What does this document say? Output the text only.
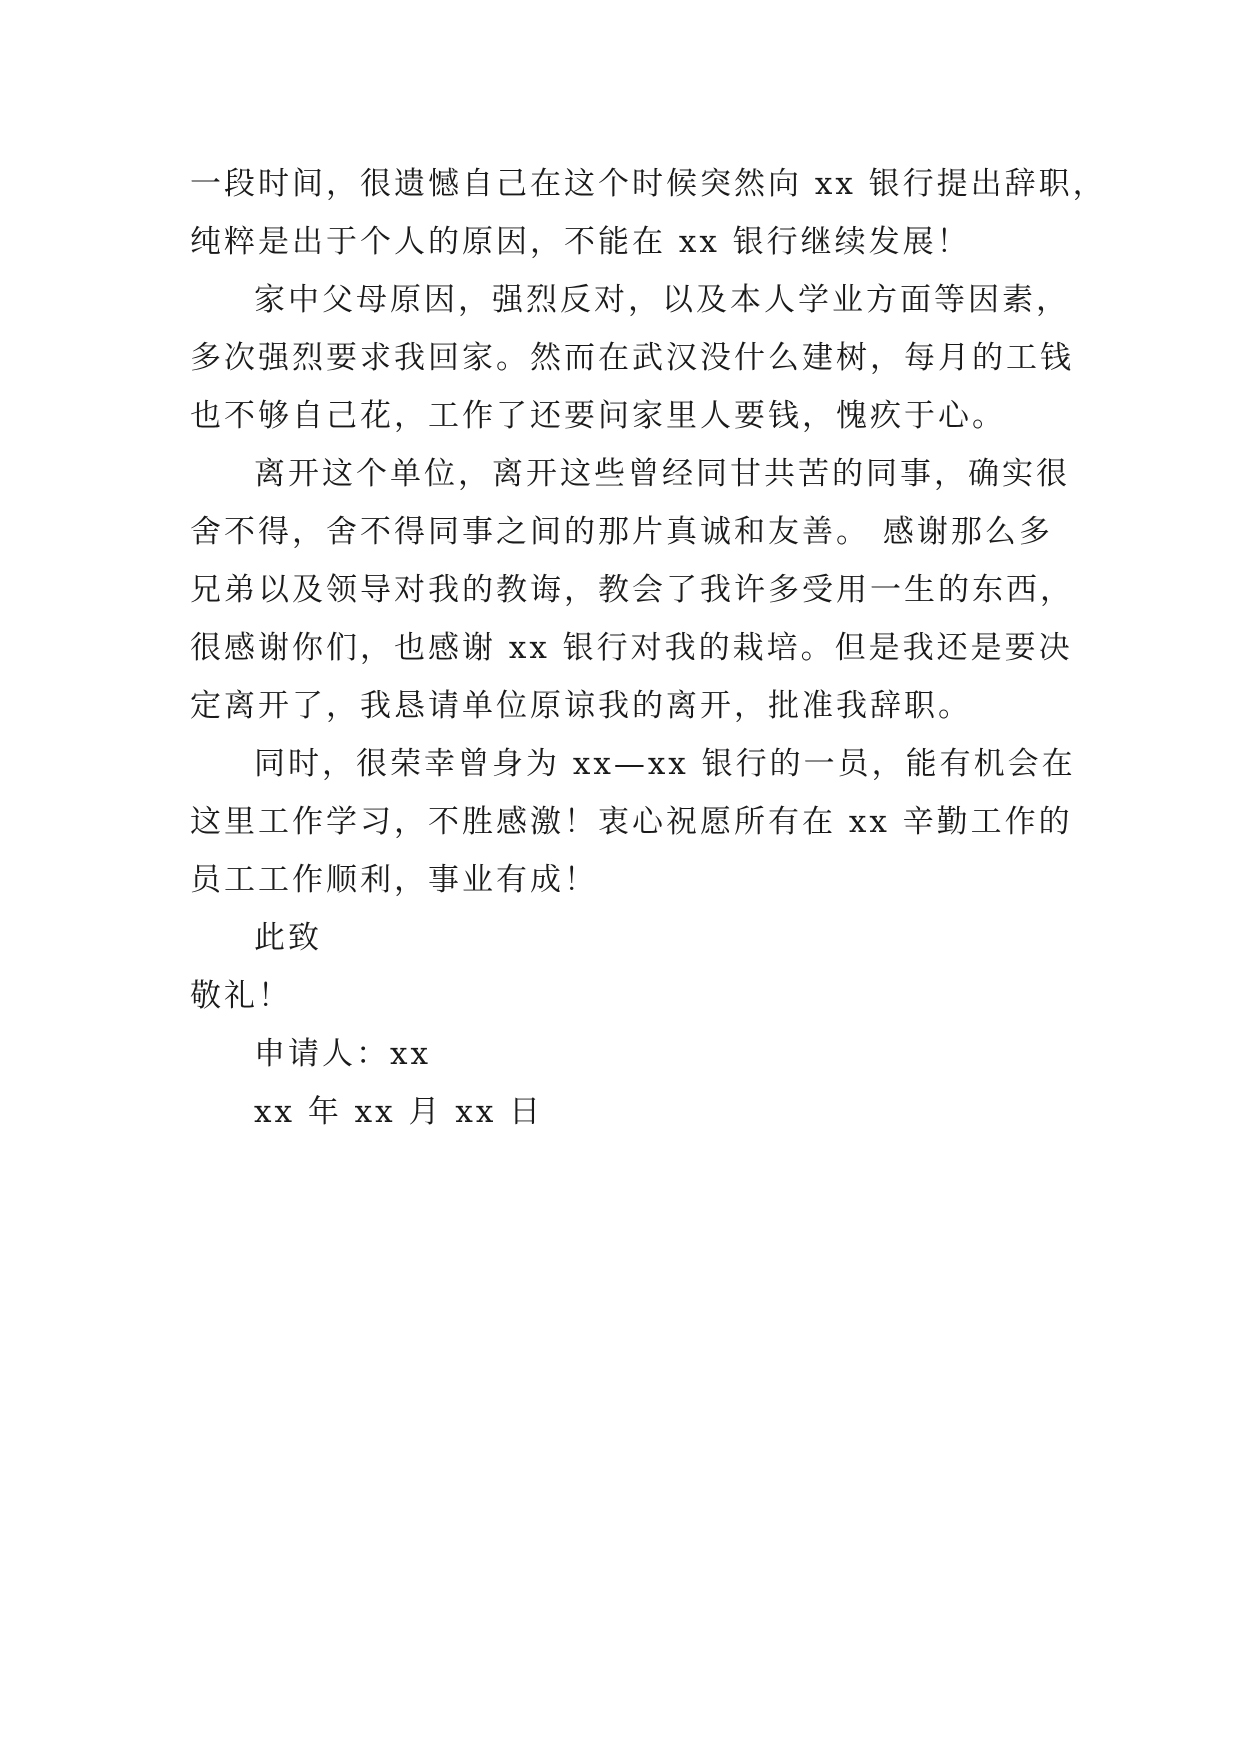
一段时间，很遗憾自己在这个时候突然向 xx 银行提出辞职，
纯粹是出于个人的原因，不能在 xx 银行继续发展！
家中父母原因，强烈反对，以及本人学业方面等因素，
多次强烈要求我回家。然而在武汉没什么建树，每月的工钱
也不够自己花，工作了还要问家里人要钱，愧疚于心。
离开这个单位，离开这些曾经同甘共苦的同事，确实很
舍不得，舍不得同事之间的那片真诚和友善。 感谢那么多
兄弟以及领导对我的教诲，教会了我许多受用一生的东西，
很感谢你们，也感谢 xx 银行对我的栽培。但是我还是要决
定离开了，我恳请单位原谅我的离开，批准我辞职。
同时，很荣幸曾身为 xx—xx 银行的一员，能有机会在
这里工作学习，不胜感激！衷心祝愿所有在 xx 辛勤工作的
员工工作顺利，事业有成！
此致
敬礼！
申请人：xx
xx 年 xx 月 xx 日
